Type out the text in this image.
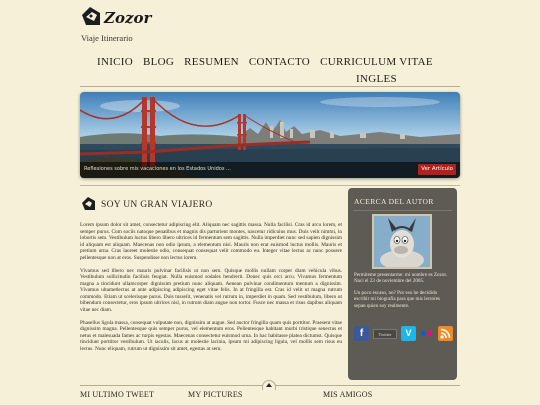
Zozor
Viaje Itinerario
INICIO BLOG RESUMEN CONTACTO CURRICULUM VITAE
INGLES
Reflexiones sobre mis vacaciones en los Estados Unidos ...	Ver Artículo
SOY UN GRAN VIAJERO

Lorem ipsum dolor sit amet, consectetur adipiscing elit. Aliquam nec sagittis massa. Nulla facilisi. Cras id arcu lorem, et semper purus. Cum sociis natoque penatibus et magnis dis parturient montes, nascetur ridiculus mus. Duis velit nimmi, in lobortis sem. Vestibulum luctus libero libero ultrices id fermentum sem sagittis. Nulla imperdiet nunc sed sapien dignissim id aliquam est aliquam. Maecenas non odio ipsum, a elementum nisi. Mauris non erat euismod luctus mollis. Mauris et pretium urna. Cras laoreet molestie odio, consequat consequat velit commodo eu. Integer vitae lectus ac nunc posuere pellentesque non at eros. Suspendisse non lectus lorem.

Vivamus sed libero nec mauris pulvinar facilisis ut non sem. Quisque mollis nullam corper diam vehicula vibus. Vestibulum sollicitudin facilisis feugiat. Nulla euismod sodales hendrerit. Donec quis orci arcu. Vivamus fermentum magna a tincidunt ullamcorper dignissim pretium nunc aliquam. Aenean pulvinar condimentum mentum a dignissim. Vivamus ultametlectus at ante adipiscing adipiscing eget vitae felis. In at fringilla est. Cras id velit ut magna rutrum commodo. Etiam ut scelerisque purus. Duis tusselit, venenatis vel rutrum in, imperdiet in quam. Sed vestibulum, libero ut bibendum consectetur, eros ipsum ultrices nisl, in rutrum diam augue non tortor. Fusce nec massa et risus dapibus aliquam vitae nec diam.

Phasellus ligula massa, consequat vulputate non, dignissim at augue. Sed auctor fringilla quam quis porttitor. Praesent vitae dignissim magna. Pellentesque quis semper purus, vel elementum eros. Pellentesque habitant morbi tristique senectus et netus et malesuada fames ac turpis egestas. Maecenas consectetur euismod urna. In hac habitasse platea dictumst. Quisque tincidunt porttitor vestibulum. Ut iaculis, lacus at molestie lacinia, ipsum mi adipiscing ligula, vel mollis sem risus eu lectus. Nunc eliquam, rutrum ut dignissim sit amet, egestas at sem.

ACERCA DEL AUTOR

Permíteme presentarme: mi nombre es Zozor. Nací el 23 de noviembre del 2005.

Un poco escaso, no? Por eso he decidido escribir mi biografía para que mis lectores sepan quien soy realmente.

f	Twitter	V
MI ULTIMO TWEET	MY PICTURES	MIS AMIGOS
